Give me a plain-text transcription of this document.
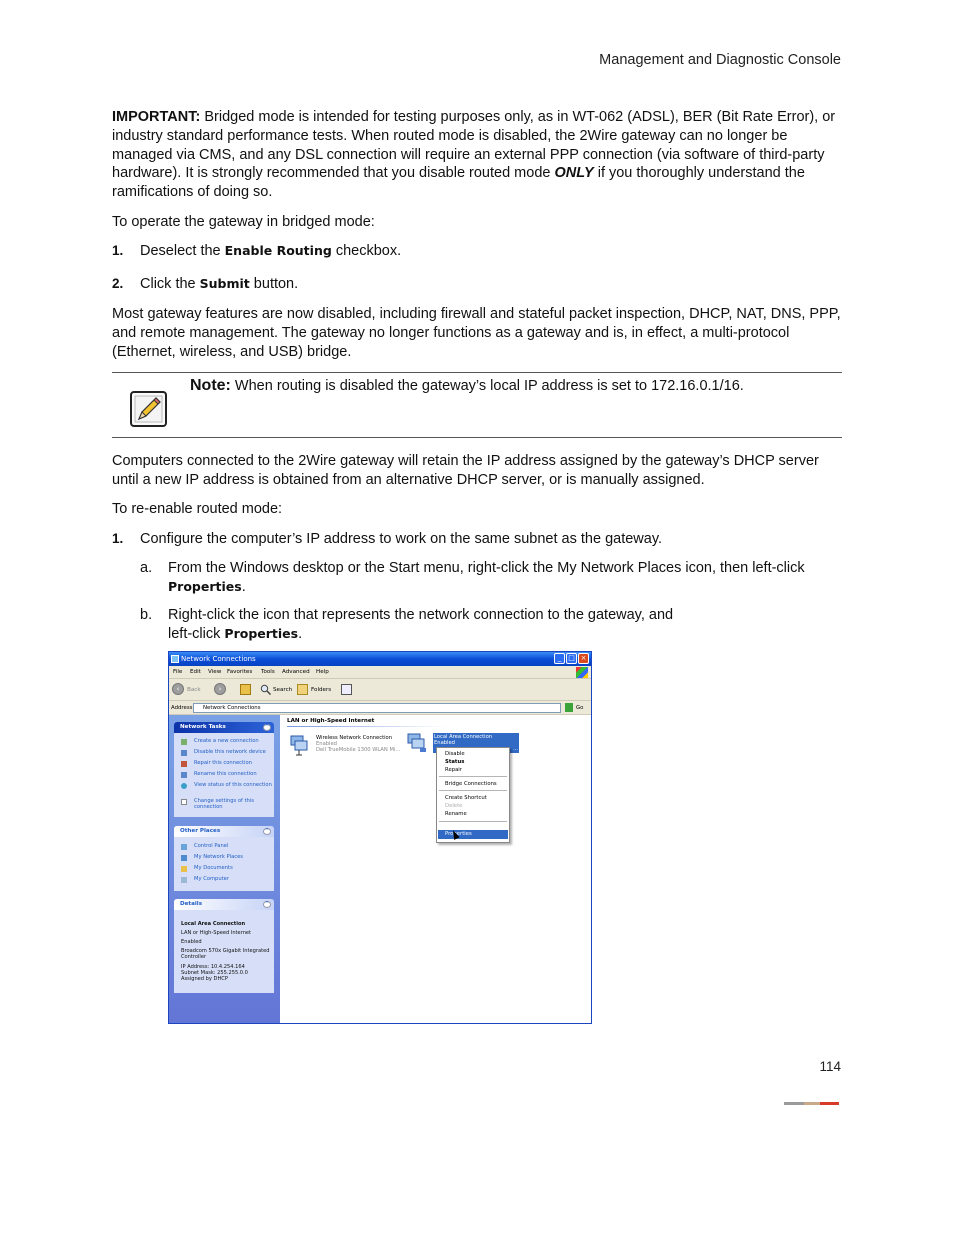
Management and Diagnostic Console
IMPORTANT: Bridged mode is intended for testing purposes only, as in WT-062 (ADSL), BER (Bit Rate Error), or industry standard performance tests. When routed mode is disabled, the 2Wire gateway can no longer be managed via CMS, and any DSL connection will require an external PPP connection (via software of third-party hardware). It is strongly recommended that you disable routed mode ONLY if you thoroughly understand the ramifications of doing so.
To operate the gateway in bridged mode:
1. Deselect the Enable Routing checkbox.
2. Click the Submit button.
Most gateway features are now disabled, including firewall and stateful packet inspection, DHCP, NAT, DNS, PPP, and remote management. The gateway no longer functions as a gateway and is, in effect, a multi-protocol (Ethernet, wireless, and USB) bridge.
Note: When routing is disabled the gateway’s local IP address is set to 172.16.0.1/16.
Computers connected to the 2Wire gateway will retain the IP address assigned by the gateway’s DHCP server until a new IP address is obtained from an alternative DHCP server, or is manually assigned.
To re-enable routed mode:
1. Configure the computer’s IP address to work on the same subnet as the gateway.
a. From the Windows desktop or the Start menu, right-click the My Network Places icon, then left-click Properties.
b. Right-click the icon that represents the network connection to the gateway, and
left-click Properties.
Network Connections	_ □ ×
File Edit View Favorites Tools Advanced Help
‹	Back	›	Search	Folders
Address	Network Connections	Go
Network Tasks	^
Create a new connection
Disable this network device
Repair this connection
Rename this connection
View status of this connection
Change settings of this connection
Other Places	^
Control Panel
My Network Places
My Documents
My Computer
Details	^
Local Area Connection
LAN or High-Speed Internet
Enabled
Broadcom 570x Gigabit Integrated Controller
IP Address: 10.4.254.164
Subnet Mask: 255.255.0.0
Assigned by DHCP
LAN or High-Speed Internet
Wireless Network Connection
Enabled
Dell TrueMobile 1300 WLAN Mi...
Local Area Connection
Enabled
...
Disable
Status
Repair
Bridge Connections
Create Shortcut
Delete
Rename
Properties
114
